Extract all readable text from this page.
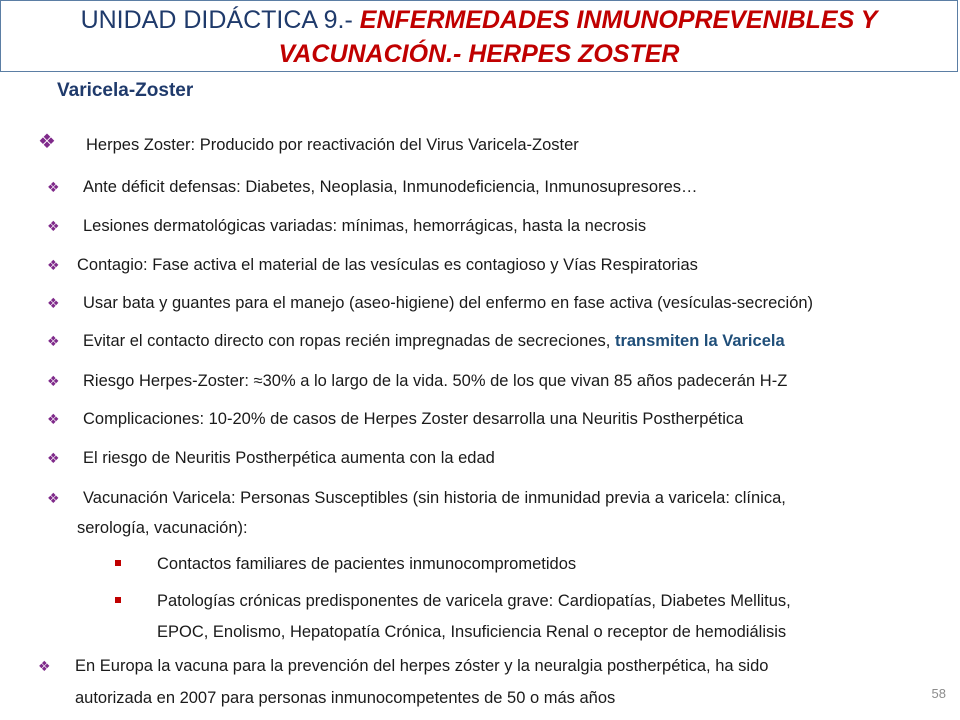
UNIDAD DIDÁCTICA 9.- ENFERMEDADES INMUNOPREVENIBLES Y
VACUNACIÓN.- HERPES ZOSTER
Varicela-Zoster
❖ Herpes Zoster: Producido por reactivación del Virus Varicela-Zoster
❖ Ante déficit defensas: Diabetes, Neoplasia, Inmunodeficiencia, Inmunosupresores…
❖ Lesiones dermatológicas variadas: mínimas, hemorrágicas, hasta la necrosis
❖ Contagio: Fase activa el material de las vesículas es contagioso y Vías Respiratorias
❖ Usar bata y guantes para el manejo (aseo-higiene) del enfermo en fase activa (vesículas-secreción)
❖ Evitar el contacto directo con ropas recién impregnadas de secreciones, transmiten la Varicela
❖ Riesgo Herpes-Zoster: ≈30% a lo largo de la vida. 50% de los que vivan 85 años padecerán H-Z
❖ Complicaciones: 10-20% de casos de Herpes Zoster desarrolla una Neuritis Postherpética
❖ El riesgo de Neuritis Postherpética aumenta con la edad
❖ Vacunación Varicela: Personas Susceptibles (sin historia de inmunidad previa a varicela: clínica,
serología, vacunación):
Contactos familiares de pacientes inmunocomprometidos
Patologías crónicas predisponentes de varicela grave: Cardiopatías, Diabetes Mellitus,
EPOC, Enolismo, Hepatopatía Crónica, Insuficiencia Renal o receptor de hemodiálisis
❖ En Europa la vacuna para la prevención del herpes zóster y la neuralgia postherpética, ha sido
autorizada en 2007 para personas inmunocompetentes de 50 o más años	58
